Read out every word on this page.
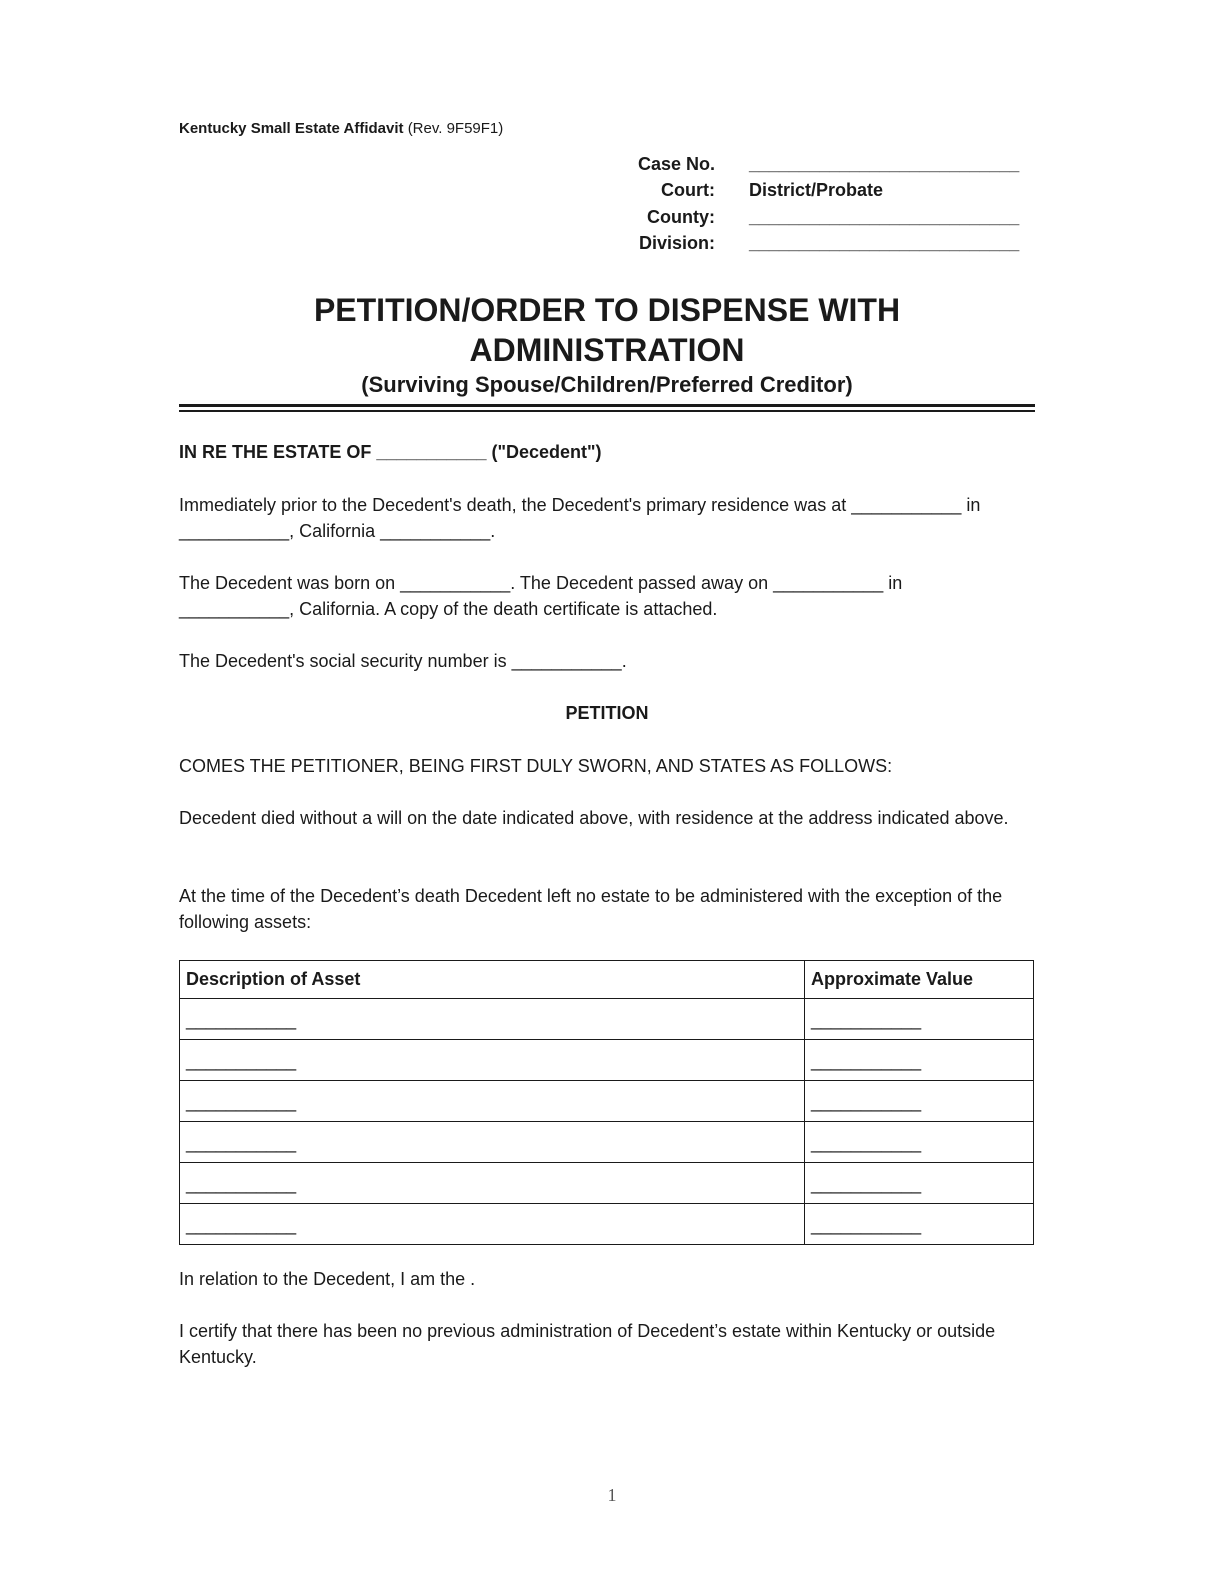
Kentucky Small Estate Affidavit (Rev. 9F59F1)
Case No. ___________________________
Court: District/Probate
County: ___________________________
Division: ___________________________
PETITION/ORDER TO DISPENSE WITH
ADMINISTRATION
(Surviving Spouse/Children/Preferred Creditor)
IN RE THE ESTATE OF ___________ ("Decedent")
Immediately prior to the Decedent's death, the Decedent's primary residence was at ___________ in ___________, California ___________.
The Decedent was born on ___________. The Decedent passed away on ___________ in ___________, California. A copy of the death certificate is attached.
The Decedent's social security number is ___________.
PETITION
COMES THE PETITIONER, BEING FIRST DULY SWORN, AND STATES AS FOLLOWS:
Decedent died without a will on the date indicated above, with residence at the address indicated above.
At the time of the Decedent’s death Decedent left no estate to be administered with the exception of the following assets:
Description of Asset	Approximate Value
___________	___________
___________	___________
___________	___________
___________	___________
___________	___________
___________	___________
In relation to the Decedent, I am the .
I certify that there has been no previous administration of Decedent’s estate within Kentucky or outside Kentucky.
1
